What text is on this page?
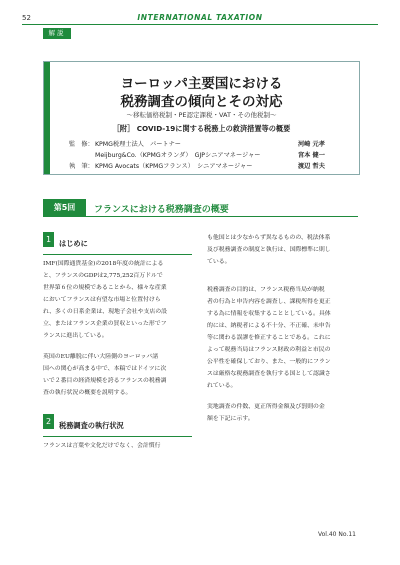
52	INTERNATIONAL TAXATION
解説
ヨーロッパ主要国における
税務調査の傾向とその対応
～移転価格税制・PE認定課税・VAT・その他税制～
［附］ COVID-19に関する税務上の救済措置等の概要
監　修： KPMG税理士法人　パートナー	河崎 元孝
Meijburg&Co.（KPMGオランダ）　GJPシニアマネージャー	宮本 健一
執　筆： KPMG Avocats（KPMGフランス）　シニアマネージャー	渡辺 哲夫
第5回	フランスにおける税務調査の概要
1	はじめに
IMF(国際通貨基金)の2018年度の統計による
と、フランスのGDPは2,775,252百万ドルで
世界第６位の規模であることから、様々な産業
においてフランスは有望な市場と位置付けら
れ、多くの日系企業は、現地子会社や支店の設
立、またはフランス企業の買収といった形でフ
ランスに進出している。
英国のEU離脱に伴い大陸側のヨーロッパ諸
国への関心が高まる中で、本稿ではドイツに次
いで２番目の経済規模を誇るフランスの税務調
査の執行状況の概要を説明する。
2	税務調査の執行状況
フランスは言葉や文化だけでなく、会計慣行
も他国とは少なからず異なるものの、税法体系
及び税務調査の制度と執行は、国際標準に則し
ている。
税務調査の目的は、フランス税務当局が納税
者の行為と申告内容を調査し、課税所得を更正
する為に情報を収集することとしている。具体
的には、納税者による不十分、不正確、未申告
等に関わる誤謬を修正することである。これに
よって税務当局はフランス財政の利益と市民の
公平性を確保しており、また、一般的にフラン
スは厳格な税務調査を執行する国として認識さ
れている。
実地調査の件数、更正所得金額及び罰則の金
額を下記に示す。
Vol.40 No.11
